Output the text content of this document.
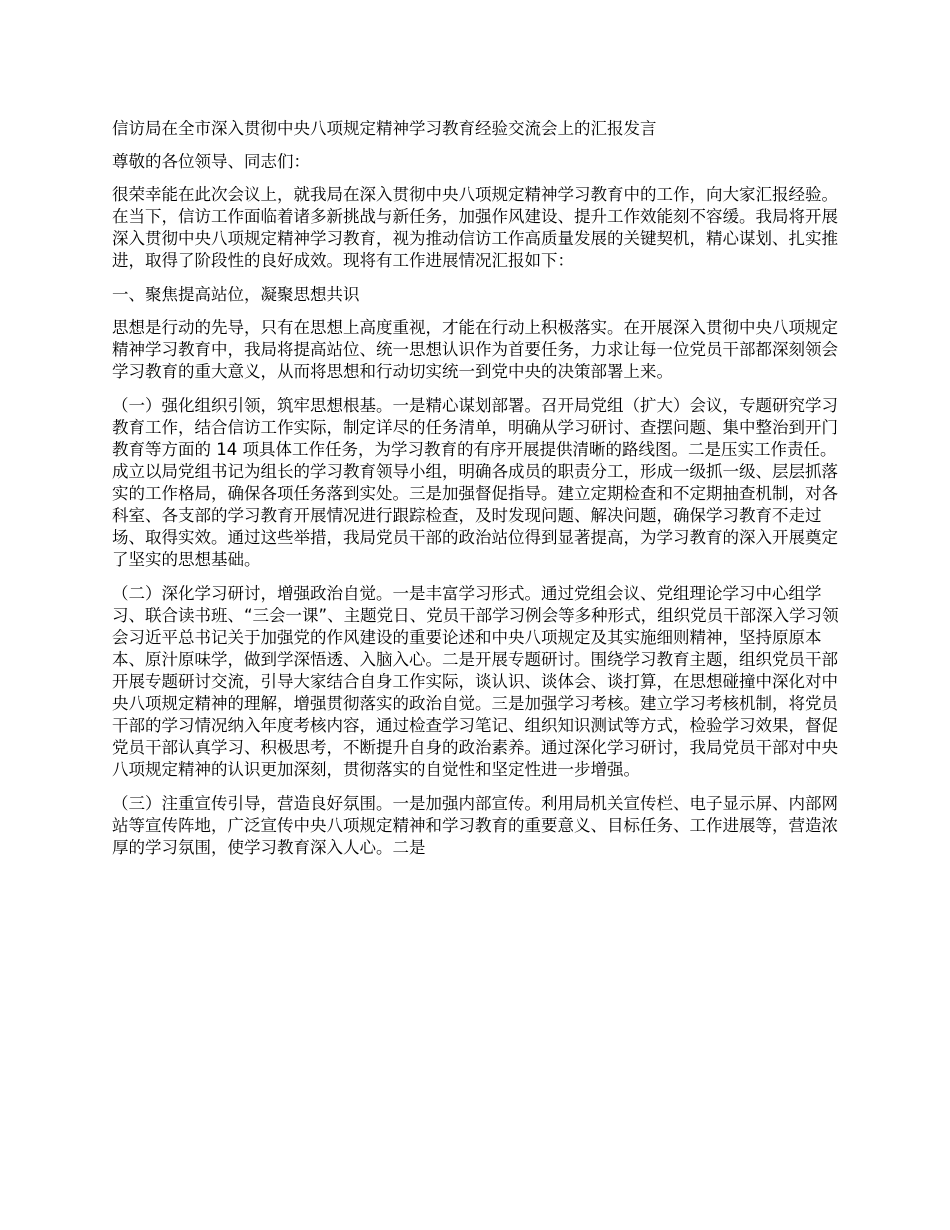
信访局在全市深入贯彻中央八项规定精神学习教育经验交流会上的汇报发言

尊敬的各位领导、同志们：

很荣幸能在此次会议上，就我局在深入贯彻中央八项规定精神学习教育中的工作，向大家汇报经验。在当下，信访工作面临着诸多新挑战与新任务，加强作风建设、提升工作效能刻不容缓。我局将开展深入贯彻中央八项规定精神学习教育，视为推动信访工作高质量发展的关键契机，精心谋划、扎实推进，取得了阶段性的良好成效。现将有工作进展情况汇报如下：

一、聚焦提高站位，凝聚思想共识

思想是行动的先导，只有在思想上高度重视，才能在行动上积极落实。在开展深入贯彻中央八项规定精神学习教育中，我局将提高站位、统一思想认识作为首要任务，力求让每一位党员干部都深刻领会学习教育的重大意义，从而将思想和行动切实统一到党中央的决策部署上来。

（一）强化组织引领，筑牢思想根基。一是精心谋划部署。召开局党组（扩大）会议，专题研究学习教育工作，结合信访工作实际，制定详尽的任务清单，明确从学习研讨、查摆问题、集中整治到开门教育等方面的 14 项具体工作任务，为学习教育的有序开展提供清晰的路线图。二是压实工作责任。成立以局党组书记为组长的学习教育领导小组，明确各成员的职责分工，形成一级抓一级、层层抓落实的工作格局，确保各项任务落到实处。三是加强督促指导。建立定期检查和不定期抽查机制，对各科室、各支部的学习教育开展情况进行跟踪检查，及时发现问题、解决问题，确保学习教育不走过场、取得实效。通过这些举措，我局党员干部的政治站位得到显著提高，为学习教育的深入开展奠定了坚实的思想基础。

（二）深化学习研讨，增强政治自觉。一是丰富学习形式。通过党组会议、党组理论学习中心组学习、联合读书班、“三会一课”、主题党日、党员干部学习例会等多种形式，组织党员干部深入学习领会习近平总书记关于加强党的作风建设的重要论述和中央八项规定及其实施细则精神，坚持原原本本、原汁原味学，做到学深悟透、入脑入心。二是开展专题研讨。围绕学习教育主题，组织党员干部开展专题研讨交流，引导大家结合自身工作实际，谈认识、谈体会、谈打算，在思想碰撞中深化对中央八项规定精神的理解，增强贯彻落实的政治自觉。三是加强学习考核。建立学习考核机制，将党员干部的学习情况纳入年度考核内容，通过检查学习笔记、组织知识测试等方式，检验学习效果，督促党员干部认真学习、积极思考，不断提升自身的政治素养。通过深化学习研讨，我局党员干部对中央八项规定精神的认识更加深刻，贯彻落实的自觉性和坚定性进一步增强。

（三）注重宣传引导，营造良好氛围。一是加强内部宣传。利用局机关宣传栏、电子显示屏、内部网站等宣传阵地，广泛宣传中央八项规定精神和学习教育的重要意义、目标任务、工作进展等，营造浓厚的学习氛围，使学习教育深入人心。二是
